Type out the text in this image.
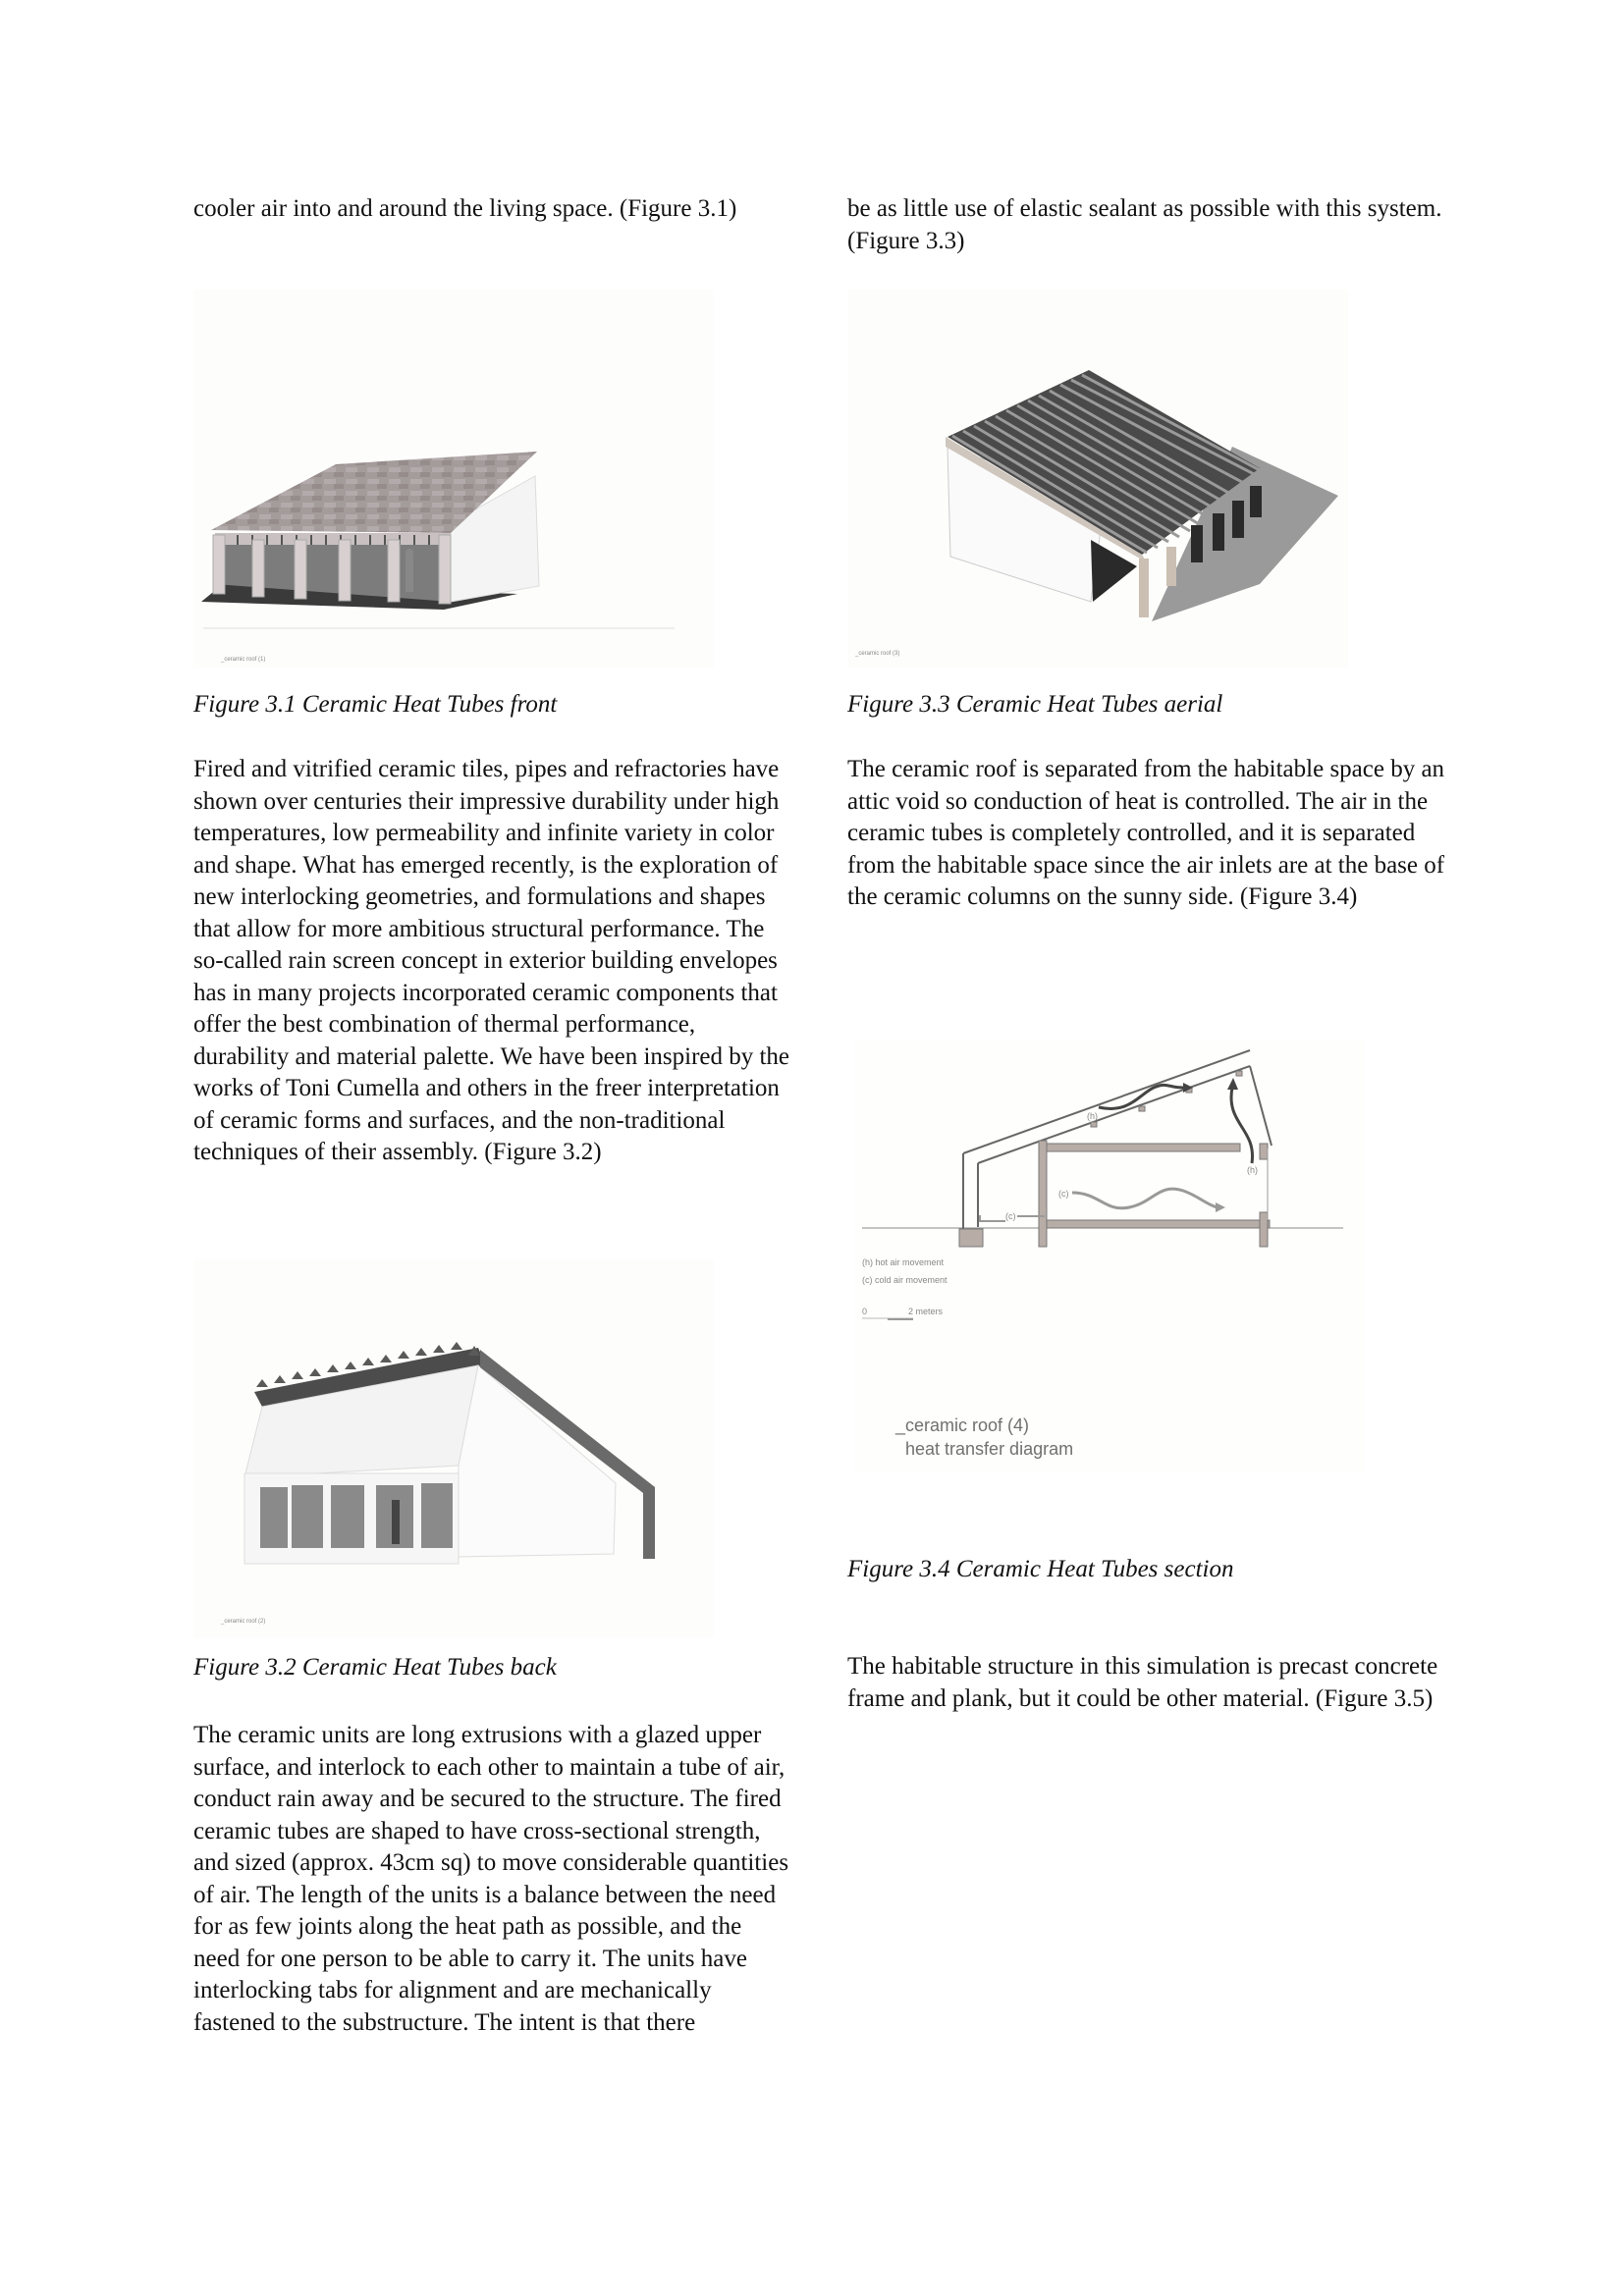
cooler air into and around the living space. (Figure 3.1)

_ceramic roof (1)

Figure 3.1 Ceramic Heat Tubes front

Fired and vitrified ceramic tiles, pipes and refractories have shown over centuries their impressive durability under high temperatures, low permeability and infinite variety in color and shape. What has emerged recently, is the exploration of new interlocking geometries, and formulations and shapes that allow for more ambitious structural performance. The so-called rain screen concept in exterior building envelopes has in many projects incorporated ceramic components that offer the best combination of thermal performance, durability and material palette. We have been inspired by the works of Toni Cumella and others in the freer interpretation of ceramic forms and surfaces, and the non-traditional techniques of their assembly. (Figure 3.2)

_ceramic roof (2)

Figure 3.2 Ceramic Heat Tubes back

The ceramic units are long extrusions with a glazed upper surface, and interlock to each other to maintain a tube of air, conduct rain away and be secured to the structure. The fired ceramic tubes are shaped to have cross-sectional strength, and sized (approx. 43cm sq) to move considerable quantities of air. The length of the units is a balance between the need for as few joints along the heat path as possible, and the need for one person to be able to carry it. The units have interlocking tabs for alignment and are mechanically fastened to the substructure. The intent is that there

be as little use of elastic sealant as possible with this system. (Figure 3.3)

_ceramic roof (3)

Figure 3.3 Ceramic Heat Tubes aerial

The ceramic roof is separated from the habitable space by an attic void so conduction of heat is controlled. The air in the ceramic tubes is completely controlled, and it is separated from the habitable space since the air inlets are at the base of the ceramic columns on the sunny side. (Figure 3.4)

(h)
(h)
(c)
(c)
(h) hot air movement
(c) cold air movement
0	2 meters
_ceramic roof (4)
heat transfer diagram

Figure 3.4 Ceramic Heat Tubes section

The habitable structure in this simulation is precast concrete frame and plank, but it could be other material. (Figure 3.5)
